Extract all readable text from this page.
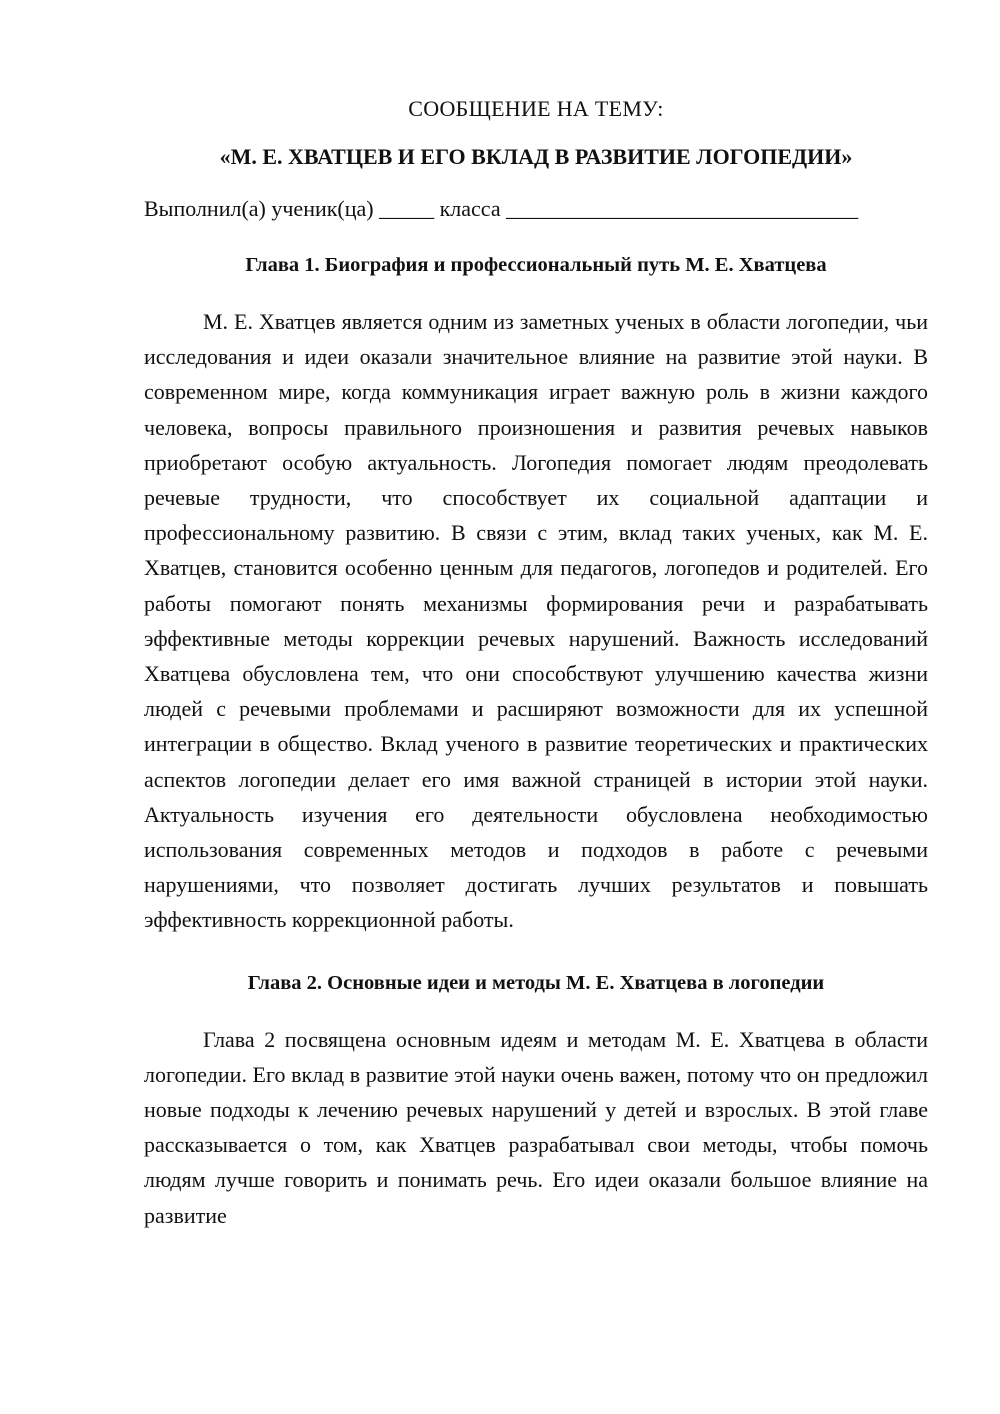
СООБЩЕНИЕ НА ТЕМУ:

«М. Е. ХВАТЦЕВ И ЕГО ВКЛАД В РАЗВИТИЕ ЛОГОПЕДИИ»

Выполнил(а) ученик(ца) _____ класса ________________________________

Глава 1. Биография и профессиональный путь М. Е. Хватцева

М. Е. Хватцев является одним из заметных ученых в области логопедии, чьи исследования и идеи оказали значительное влияние на развитие этой науки. В современном мире, когда коммуникация играет важную роль в жизни каждого человека, вопросы правильного произношения и развития речевых навыков приобретают особую актуальность. Логопедия помогает людям преодолевать речевые трудности, что способствует их социальной адаптации и профессиональному развитию. В связи с этим, вклад таких ученых, как М. Е. Хватцев, становится особенно ценным для педагогов, логопедов и родителей. Его работы помогают понять механизмы формирования речи и разрабатывать эффективные методы коррекции речевых нарушений. Важность исследований Хватцева обусловлена тем, что они способствуют улучшению качества жизни людей с речевыми проблемами и расширяют возможности для их успешной интеграции в общество. Вклад ученого в развитие теоретических и практических аспектов логопедии делает его имя важной страницей в истории этой науки. Актуальность изучения его деятельности обусловлена необходимостью использования современных методов и подходов в работе с речевыми нарушениями, что позволяет достигать лучших результатов и повышать эффективность коррекционной работы.

Глава 2. Основные идеи и методы М. Е. Хватцева в логопедии

Глава 2 посвящена основным идеям и методам М. Е. Хватцева в области логопедии. Его вклад в развитие этой науки очень важен, потому что он предложил новые подходы к лечению речевых нарушений у детей и взрослых. В этой главе рассказывается о том, как Хватцев разрабатывал свои методы, чтобы помочь людям лучше говорить и понимать речь. Его идеи оказали большое влияние на развитие
